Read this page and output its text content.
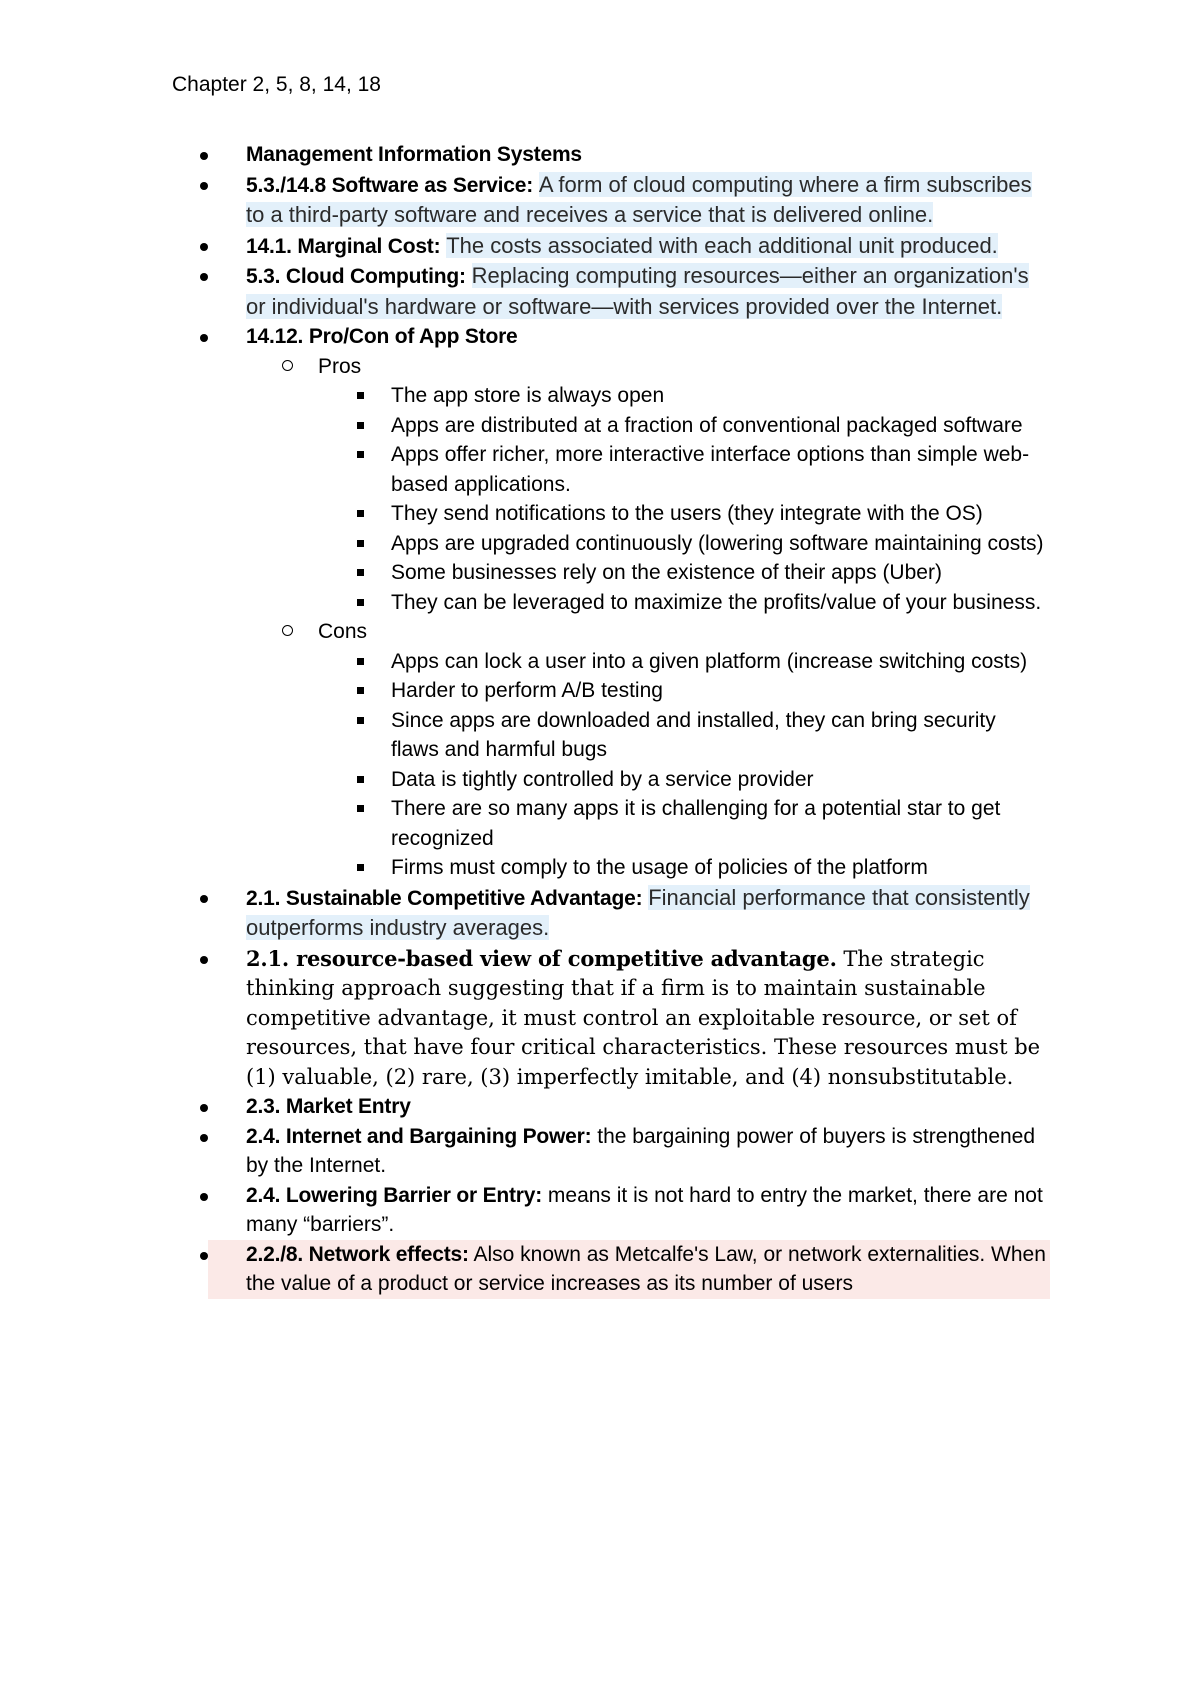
Chapter 2, 5, 8, 14, 18
Management Information Systems
5.3./14.8 Software as Service: A form of cloud computing where a firm subscribes to a third-party software and receives a service that is delivered online.
14.1. Marginal Cost: The costs associated with each additional unit produced.
5.3. Cloud Computing: Replacing computing resources—either an organization's or individual's hardware or software—with services provided over the Internet.
14.12. Pro/Con of App Store
Pros
The app store is always open
Apps are distributed at a fraction of conventional packaged software
Apps offer richer, more interactive interface options than simple web-based applications.
They send notifications to the users (they integrate with the OS)
Apps are upgraded continuously (lowering software maintaining costs)
Some businesses rely on the existence of their apps (Uber)
They can be leveraged to maximize the profits/value of your business.
Cons
Apps can lock a user into a given platform (increase switching costs)
Harder to perform A/B testing
Since apps are downloaded and installed, they can bring security flaws and harmful bugs
Data is tightly controlled by a service provider
There are so many apps it is challenging for a potential star to get recognized
Firms must comply to the usage of policies of the platform
2.1. Sustainable Competitive Advantage: Financial performance that consistently outperforms industry averages.
2.1. resource-based view of competitive advantage. The strategic thinking approach suggesting that if a firm is to maintain sustainable competitive advantage, it must control an exploitable resource, or set of resources, that have four critical characteristics. These resources must be (1) valuable, (2) rare, (3) imperfectly imitable, and (4) nonsubstitutable.
2.3. Market Entry
2.4. Internet and Bargaining Power: the bargaining power of buyers is strengthened by the Internet.
2.4. Lowering Barrier or Entry: means it is not hard to entry the market, there are not many “barriers”.
2.2./8. Network effects: Also known as Metcalfe's Law, or network externalities. When the value of a product or service increases as its number of users
